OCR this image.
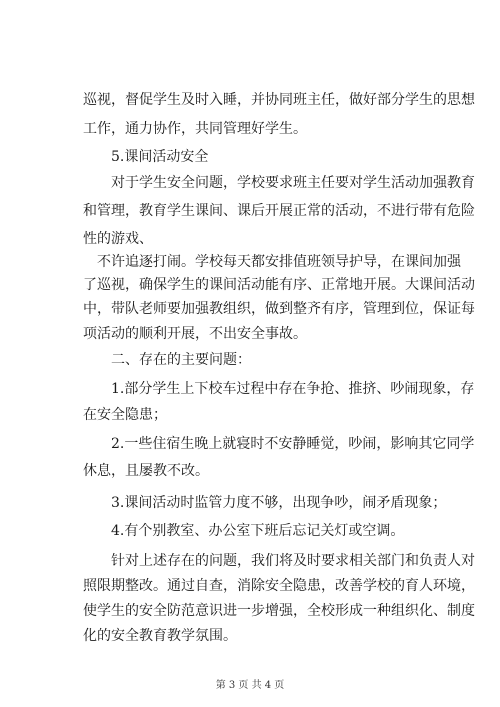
巡视，督促学生及时入睡，并协同班主任，做好部分学生的思想
工作，通力协作，共同管理好学生。
5.课间活动安全
对于学生安全问题，学校要求班主任要对学生活动加强教育
和管理，教育学生课间、课后开展正常的活动，不进行带有危险
性的游戏、
不许追逐打闹。学校每天都安排值班领导护导，在课间加强
了巡视，确保学生的课间活动能有序、正常地开展。大课间活动
中，带队老师要加强教组织，做到整齐有序，管理到位，保证每
项活动的顺利开展，不出安全事故。
二、存在的主要问题：
1.部分学生上下校车过程中存在争抢、推挤、吵闹现象，存
在安全隐患；
2.一些住宿生晚上就寝时不安静睡觉，吵闹，影响其它同学
休息，且屡教不改。
3.课间活动时监管力度不够，出现争吵，闹矛盾现象；
4.有个别教室、办公室下班后忘记关灯或空调。
针对上述存在的问题，我们将及时要求相关部门和负责人对
照限期整改。通过自查，消除安全隐患，改善学校的育人环境，
使学生的安全防范意识进一步增强，全校形成一种组织化、制度
化的安全教育教学氛围。
第 3 页 共 4 页
